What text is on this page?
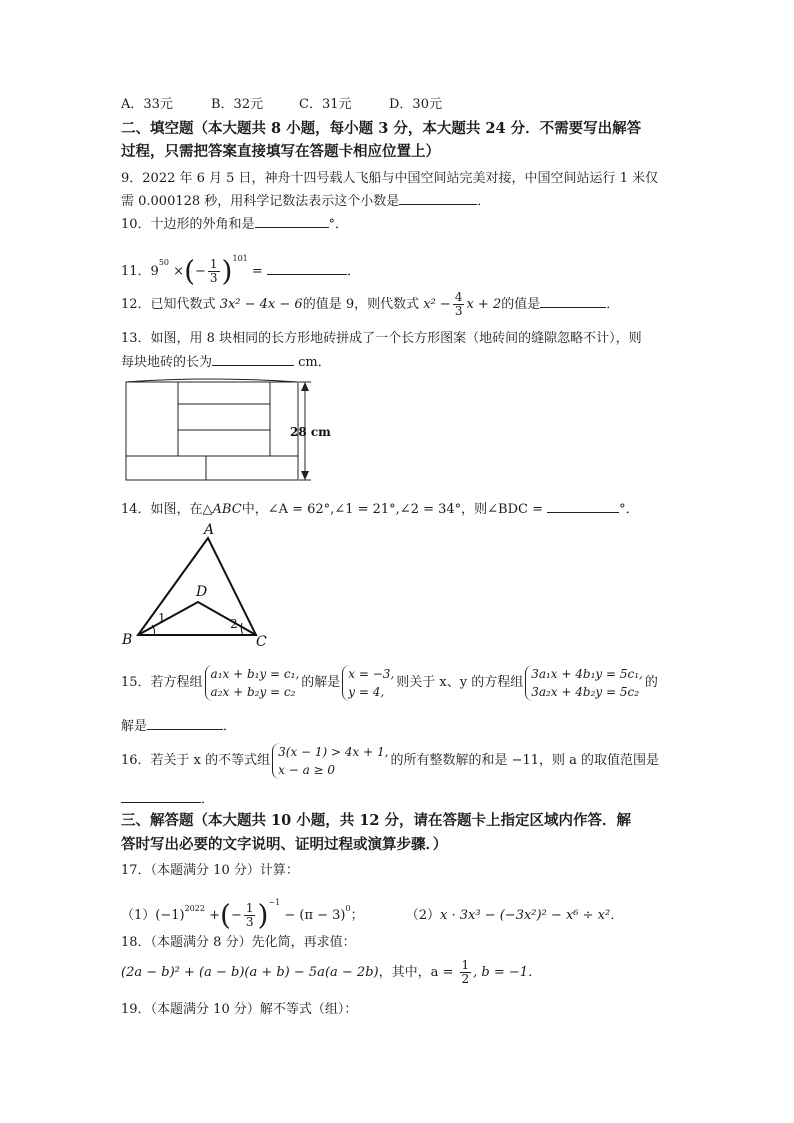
A．33元	B．32元	C．31元	D．30元
二、填空题（本大题共 8 小题，每小题 3 分，本大题共 24 分．不需要写出解答
过程，只需把答案直接填写在答题卡相应位置上）
9．2022 年 6 月 5 日，神舟十四号载人飞船与中国空间站完美对接，中国空间站运行 1 米仅
需 0.000128 秒，用科学记数法表示这个小数是	．
10．十边形的外角和是	°．
11．$9^{50}$ ×(− $\frac{1}{3} )^{101}$ =	．
12．已知代数式 3x² − 4x − 6的值是 9，则代数式 $x^2 - \frac{4}{3}$ x + 2的值是	．
13．如图，用 8 块相同的长方形地砖拼成了一个长方形图案（地砖间的缝隙忽略不计），则
每块地砖的长为	cm．
28 cm
14．如图，在△ABC中，∠A = 62°,∠1 = 21°,∠2 = 34°，则∠BDC =	°．
A
B	C
D
1	2
15．若方程组a₁x + b₁y = c₁,
a₂x + b₂y = c₂的解是x = −3,
y = 4,则关于 x、y 的方程组3a₁x + 4b₁y = 5c₁,
3a₂x + 4b₂y = 5c₂的
解是	．
16．若关于 x 的不等式组3(x − 1) > 4x + 1,
x − a ≥ 0的所有整数解的和是 −11，则 a 的取值范围是
．
三、解答题（本大题共 10 小题，共 12 分，请在答题卡上指定区域内作答．解
答时写出必要的文字说明、证明过程或演算步骤．）
17．（本题满分 10 分）计算：
$(1)(-1)^{2022}$ +(− $\frac{1}{3} )^{-1} - (\pi - 3)^0$；	（2）x · 3x³ − (−3x²)² − x⁶ ÷ x²．
18．（本题满分 8 分）先化简，再求值：
(2a − b)² + (a − b)(a + b) − 5a(a − 2b)，其中，$a = \frac{1}{2}$ , b = −1．
19．（本题满分 10 分）解不等式（组）：
